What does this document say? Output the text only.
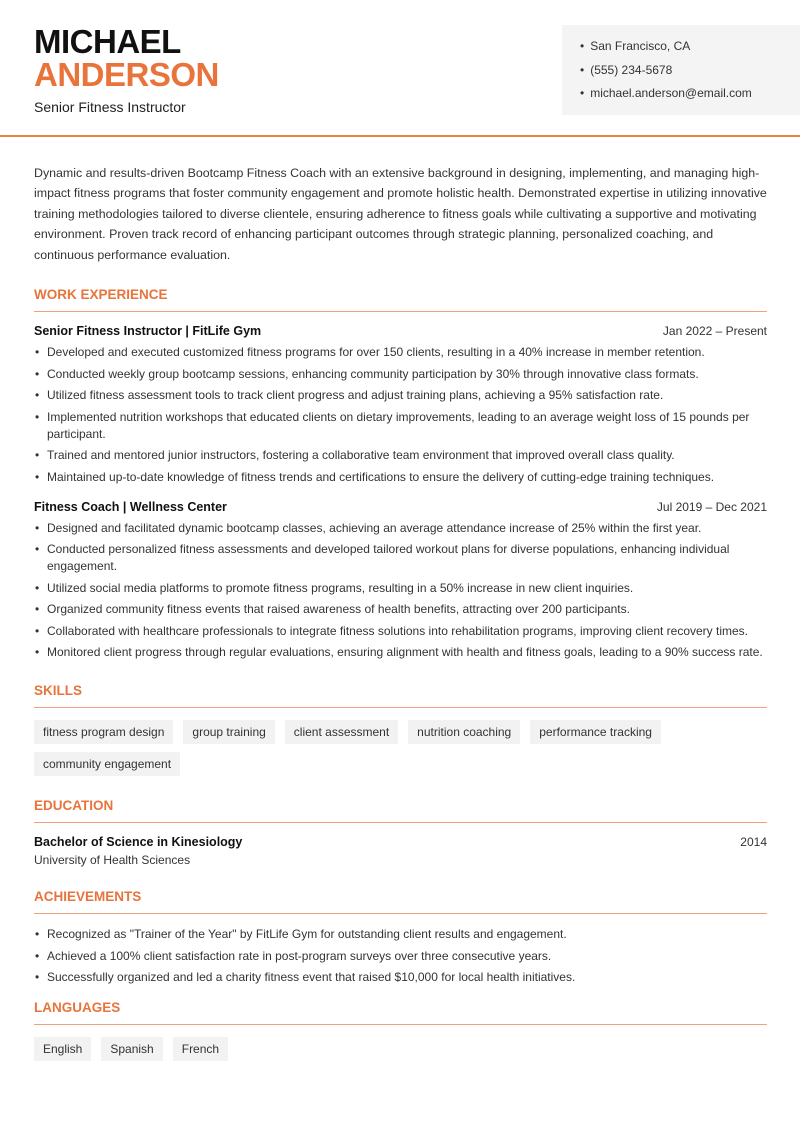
MICHAEL
ANDERSON
Senior Fitness Instructor
• San Francisco, CA
• (555) 234-5678
• michael.anderson@email.com

Dynamic and results-driven Bootcamp Fitness Coach with an extensive background in designing, implementing, and managing high-impact fitness programs that foster community engagement and promote holistic health. Demonstrated expertise in utilizing innovative training methodologies tailored to diverse clientele, ensuring adherence to fitness goals while cultivating a supportive and motivating environment. Proven track record of enhancing participant outcomes through strategic planning, personalized coaching, and continuous performance evaluation.

WORK EXPERIENCE
Senior Fitness Instructor | FitLife Gym	Jan 2022 – Present
• Developed and executed customized fitness programs for over 150 clients, resulting in a 40% increase in member retention.
• Conducted weekly group bootcamp sessions, enhancing community participation by 30% through innovative class formats.
• Utilized fitness assessment tools to track client progress and adjust training plans, achieving a 95% satisfaction rate.
• Implemented nutrition workshops that educated clients on dietary improvements, leading to an average weight loss of 15 pounds per participant.
• Trained and mentored junior instructors, fostering a collaborative team environment that improved overall class quality.
• Maintained up-to-date knowledge of fitness trends and certifications to ensure the delivery of cutting-edge training techniques.
Fitness Coach | Wellness Center	Jul 2019 – Dec 2021
• Designed and facilitated dynamic bootcamp classes, achieving an average attendance increase of 25% within the first year.
• Conducted personalized fitness assessments and developed tailored workout plans for diverse populations, enhancing individual engagement.
• Utilized social media platforms to promote fitness programs, resulting in a 50% increase in new client inquiries.
• Organized community fitness events that raised awareness of health benefits, attracting over 200 participants.
• Collaborated with healthcare professionals to integrate fitness solutions into rehabilitation programs, improving client recovery times.
• Monitored client progress through regular evaluations, ensuring alignment with health and fitness goals, leading to a 90% success rate.
SKILLS
fitness program design	group training	client assessment	nutrition coaching	performance tracking
community engagement
EDUCATION
Bachelor of Science in Kinesiology	2014
University of Health Sciences
ACHIEVEMENTS
• Recognized as "Trainer of the Year" by FitLife Gym for outstanding client results and engagement.
• Achieved a 100% client satisfaction rate in post-program surveys over three consecutive years.
• Successfully organized and led a charity fitness event that raised $10,000 for local health initiatives.
LANGUAGES
English	Spanish	French
